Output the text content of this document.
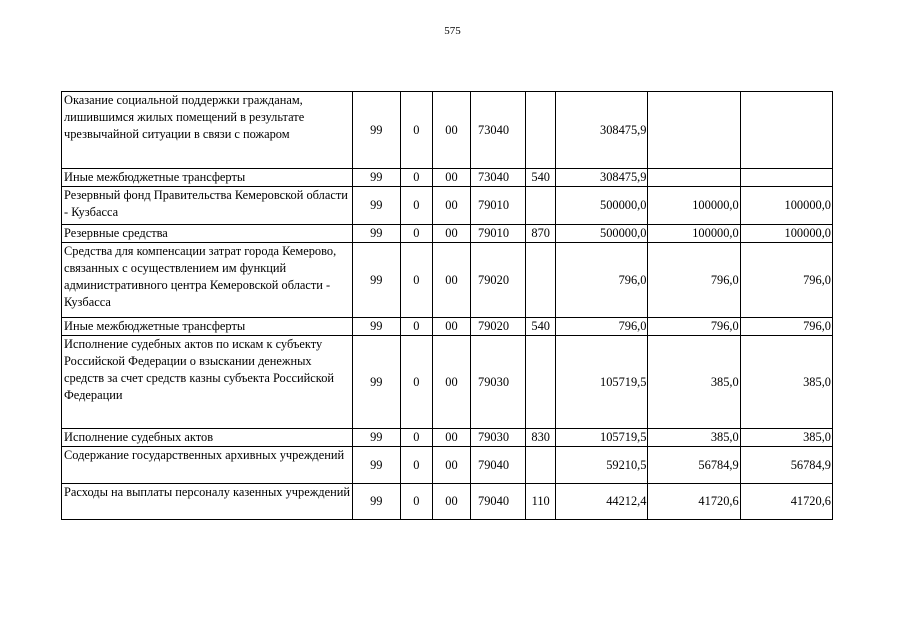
575
Оказание социальной поддержки гражданам, лишившимся жилых помещений в результате чрезвычайной ситуации в связи с пожаром	99	0	00	73040		308475,9		
Иные межбюджетные трансферты	99	0	00	73040	540	308475,9		
Резервный фонд Правительства Кемеровской области - Кузбасса	99	0	00	79010		500000,0	100000,0	100000,0
Резервные средства	99	0	00	79010	870	500000,0	100000,0	100000,0
Средства для компенсации затрат города Кемерово, связанных с осуществлением им функций административного центра Кемеровской области - Кузбасса	99	0	00	79020		796,0	796,0	796,0
Иные межбюджетные трансферты	99	0	00	79020	540	796,0	796,0	796,0
Исполнение судебных актов по искам к субъекту Российской Федерации о взыскании денежных средств за счет средств казны субъекта Российской Федерации	99	0	00	79030		105719,5	385,0	385,0
Исполнение судебных актов	99	0	00	79030	830	105719,5	385,0	385,0
Содержание государственных архивных учреждений	99	0	00	79040		59210,5	56784,9	56784,9
Расходы на выплаты персоналу казенных учреждений	99	0	00	79040	110	44212,4	41720,6	41720,6
